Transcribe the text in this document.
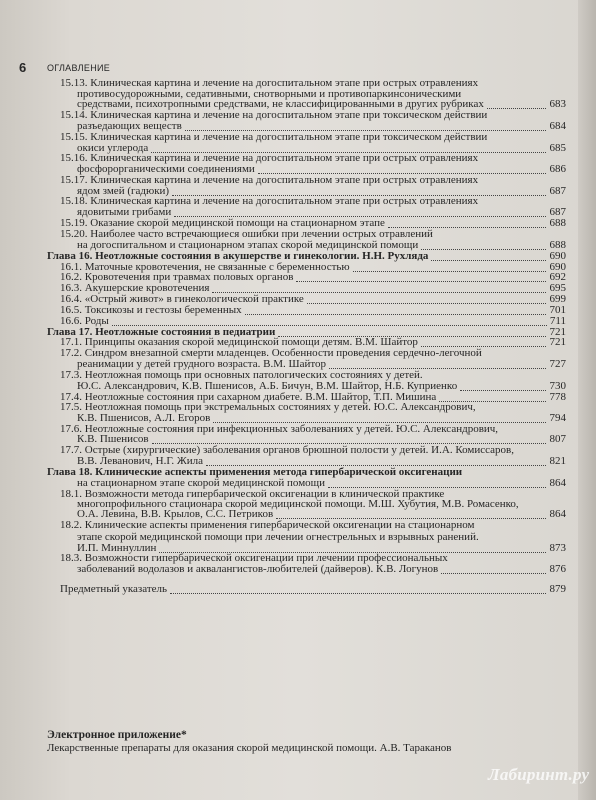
6 ОГЛАВЛЕНИЕ
15.13. Клиническая картина и лечение на догоспитальном этапе при острых отравлениях
противосудорожными, седативными, снотворными и противопаркинсоническими
средствами, психотропными средствами, не классифицированными в других рубриках	683
15.14. Клиническая картина и лечение на догоспитальном этапе при токсическом действии
разъедающих веществ	684
15.15. Клиническая картина и лечение на догоспитальном этапе при токсическом действии
окиси углерода	685
15.16. Клиническая картина и лечение на догоспитальном этапе при острых отравлениях
фосфорорганическими соединениями	686
15.17. Клиническая картина и лечение на догоспитальном этапе при острых отравлениях
ядом змей (гадюки)	687
15.18. Клиническая картина и лечение на догоспитальном этапе при острых отравлениях
ядовитыми грибами	687
15.19. Оказание скорой медицинской помощи на стационарном этапе	688
15.20. Наиболее часто встречающиеся ошибки при лечении острых отравлений
на догоспитальном и стационарном этапах скорой медицинской помощи	688
Глава 16. Неотложные состояния в акушерстве и гинекологии. Н.Н. Рухляда	690
16.1. Маточные кровотечения, не связанные с беременностью	690
16.2. Кровотечения при травмах половых органов	692
16.3. Акушерские кровотечения	695
16.4. «Острый живот» в гинекологической практике	699
16.5. Токсикозы и гестозы беременных	701
16.6. Роды	711
Глава 17. Неотложные состояния в педиатрии	721
17.1. Принципы оказания скорой медицинской помощи детям. В.М. Шайтор	721
17.2. Синдром внезапной смерти младенцев. Особенности проведения сердечно-легочной
реанимации у детей грудного возраста. В.М. Шайтор	727
17.3. Неотложная помощь при основных патологических состояниях у детей.
Ю.С. Александрович, К.В. Пшенисов, А.Б. Бичун, В.М. Шайтор, Н.Б. Куприенко	730
17.4. Неотложные состояния при сахарном диабете. В.М. Шайтор, Т.П. Мишина	778
17.5. Неотложная помощь при экстремальных состояниях у детей. Ю.С. Александрович,
К.В. Пшенисов, А.Л. Егоров	794
17.6. Неотложные состояния при инфекционных заболеваниях у детей. Ю.С. Александрович,
К.В. Пшенисов	807
17.7. Острые (хирургические) заболевания органов брюшной полости у детей. И.А. Комиссаров,
В.В. Леванович, Н.Г. Жила	821
Глава 18. Клинические аспекты применения метода гипербарической оксигенации
на стационарном этапе скорой медицинской помощи	864
18.1. Возможности метода гипербарической оксигенации в клинической практике
многопрофильного стационара скорой медицинской помощи. М.Ш. Хубутия, М.В. Ромасенко,
О.А. Левина, В.В. Крылов, С.С. Петриков	864
18.2. Клинические аспекты применения гипербарической оксигенации на стационарном
этапе скорой медицинской помощи при лечении огнестрельных и взрывных ранений.
И.П. Миннуллин	873
18.3. Возможности гипербарической оксигенации при лечении профессиональных
заболеваний водолазов и аквалангистов-любителей (дайверов). К.В. Логунов	876
Предметный указатель	879
Электронное приложение*
Лекарственные препараты для оказания скорой медицинской помощи. А.В. Тараканов
Лабиринт.ру
